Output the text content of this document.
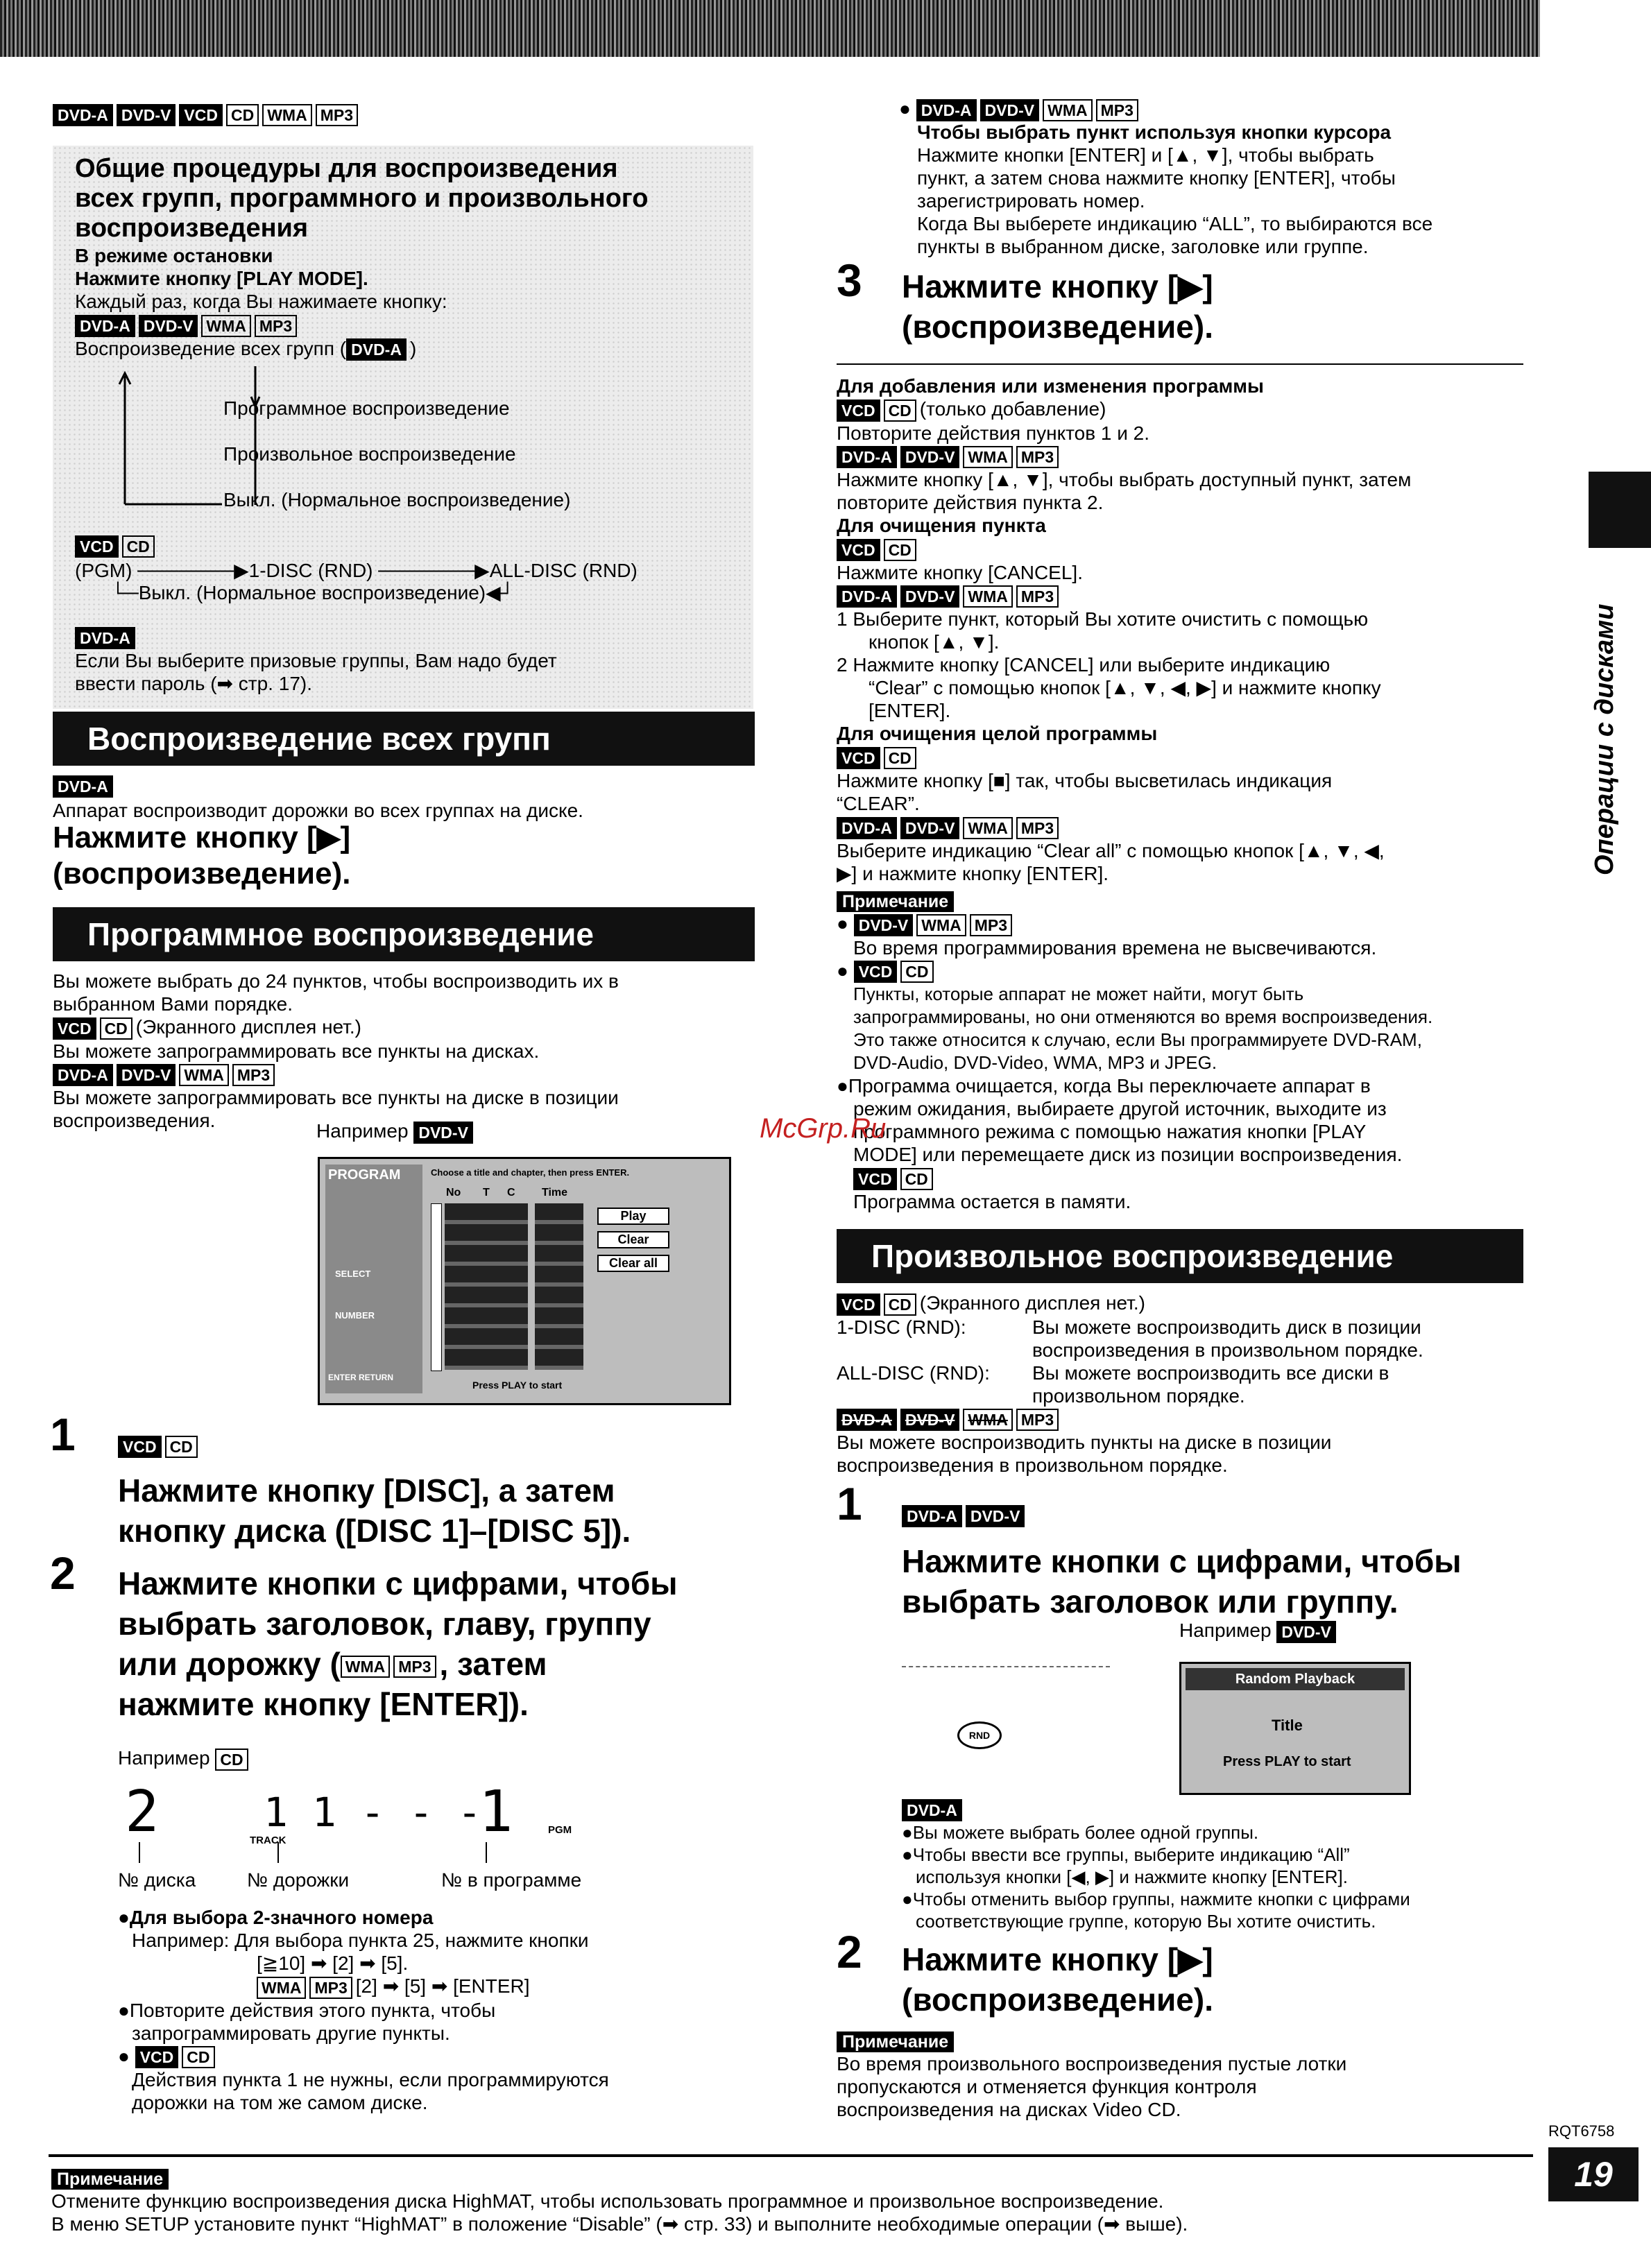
DVD-A DVD-V VCD CD WMA MP3
Общие процедуры для воспроизведения
всех групп, программного и произвольного
воспроизведения
В режиме остановки
Нажмите кнопку [PLAY MODE].
Каждый раз, когда Вы нажимаете кнопку:
DVD-A DVD-V WMA MP3
Воспроизведение всех групп ( DVD-A )
Программное воспроизведение
Произвольное воспроизведение
Выкл. (Нормальное воспроизведение)
VCD CD
(PGM) ───────▶1-DISC (RND) ───────▶ALL-DISC (RND)
└─Выкл. (Нормальное воспроизведение)◀┘
DVD-A
Если Вы выберите призовые группы, Вам надо будет
ввести пароль (➡ стр. 17).
Воспроизведение всех групп
DVD-A
Аппарат воспроизводит дорожки во всех группах на диске.
Нажмите кнопку [▶]
(воспроизведение).
Программное воспроизведение
Вы можете выбрать до 24 пунктов, чтобы воспроизводить их в
выбранном Вами порядке.
VCD CD (Экранного дисплея нет.)
Вы можете запрограммировать все пункты на дисках.
DVD-A DVD-V WMA MP3
Вы можете запрограммировать все пункты на диске в позиции
воспроизведения.	Например DVD-V
PROGRAM
SELECT
NUMBER
ENTER RETURN
Choose a title and chapter, then press ENTER.
No T C Time
Play
Clear
Clear all
Press PLAY to start
1	VCD CD
Нажмите кнопку [DISC], а затем
кнопку диска ([DISC 1]–[DISC 5]).
2 Нажмите кнопки с цифрами, чтобы
выбрать заголовок, главу, группу
или дорожку ( WMA MP3 , затем
нажмите кнопку [ENTER]).
Например CD
2	1 1 - - -
1
TRACK
PGM
№ диска	№ дорожки	№ в программе
●Для выбора 2-значного номера
Например: Для выбора пункта 25, нажмите кнопки
[≧10] ➡ [2] ➡ [5].
WMA MP3 [2] ➡ [5] ➡ [ENTER]
●Повторите действия этого пункта, чтобы
запрограммировать другие пункты.
● VCD CD
Действия пункта 1 не нужны, если программируются
дорожки на том же самом диске.
● DVD-A DVD-V WMA MP3
Чтобы выбрать пункт используя кнопки курсора
Нажмите кнопки [ENTER] и [▲, ▼], чтобы выбрать
пункт, а затем снова нажмите кнопку [ENTER], чтобы
зарегистрировать номер.
Когда Вы выберете индикацию “ALL”, то выбираются все
пункты в выбранном диске, заголовке или группе.
3 Нажмите кнопку [▶]
(воспроизведение).
Для добавления или изменения программы
VCD CD (только добавление)
Повторите действия пунктов 1 и 2.
DVD-A DVD-V WMA MP3
Нажмите кнопку [▲, ▼], чтобы выбрать доступный пункт, затем
повторите действия пункта 2.
Для очищения пункта
VCD CD
Нажмите кнопку [CANCEL].
DVD-A DVD-V WMA MP3
1 Выберите пункт, который Вы хотите очистить с помощью
кнопок [▲, ▼].
2 Нажмите кнопку [CANCEL] или выберите индикацию
“Clear” с помощью кнопок [▲, ▼, ◀, ▶] и нажмите кнопку
[ENTER].
Для очищения целой программы
VCD CD
Нажмите кнопку [■] так, чтобы высветилась индикация
“CLEAR”.
DVD-A DVD-V WMA MP3
Выберите индикацию “Clear all” с помощью кнопок [▲, ▼, ◀,
▶] и нажмите кнопку [ENTER].
Примечание
● DVD-V WMA MP3
Во время программирования времена не высвечиваются.
● VCD CD
Пункты, которые аппарат не может найти, могут быть
запрограммированы, но они отменяются во время воспроизведения.
Это также относится к случаю, если Вы программируете DVD-RAM,
DVD-Audio, DVD-Video, WMA, MP3 и JPEG.
●Программа очищается, когда Вы переключаете аппарат в
режим ожидания, выбираете другой источник, выходите из
программного режима с помощью нажатия кнопки [PLAY
MODE] или перемещаете диск из позиции воспроизведения.
VCD CD
Программа остается в памяти.
Произвольное воспроизведение
VCD CD (Экранного дисплея нет.)
1-DISC (RND):	Вы можете воспроизводить диск в позиции
воспроизведения в произвольном порядке.
ALL-DISC (RND):	Вы можете воспроизводить все диски в
произвольном порядке.
DVD-A DVD-V WMA MP3
Вы можете воспроизводить пункты на диске в позиции
воспроизведения в произвольном порядке.
1	DVD-A DVD-V
Нажмите кнопки с цифрами, чтобы
выбрать заголовок или группу.
Например DVD-V
RND
Random Playback
Title
Press PLAY to start
DVD-A
●Вы можете выбрать более одной группы.
●Чтобы ввести все группы, выберите индикацию “All”
используя кнопки [◀, ▶] и нажмите кнопку [ENTER].
●Чтобы отменить выбор группы, нажмите кнопки с цифрами
соответствующие группе, которую Вы хотите очистить.
2 Нажмите кнопку [▶]
(воспроизведение).
Примечание
Во время произвольного воспроизведения пустые лотки
пропускаются и отменяется функция контроля
воспроизведения на дисках Video CD.
Операции с дисками
McGrp.Ru
RQT6758
19
Примечание
Отмените функцию воспроизведения диска HighMAT, чтобы использовать программное и произвольное воспроизведение.
В меню SETUP установите пункт “HighMAT” в положение “Disable” (➡ стр. 33) и выполните необходимые операции (➡ выше).
